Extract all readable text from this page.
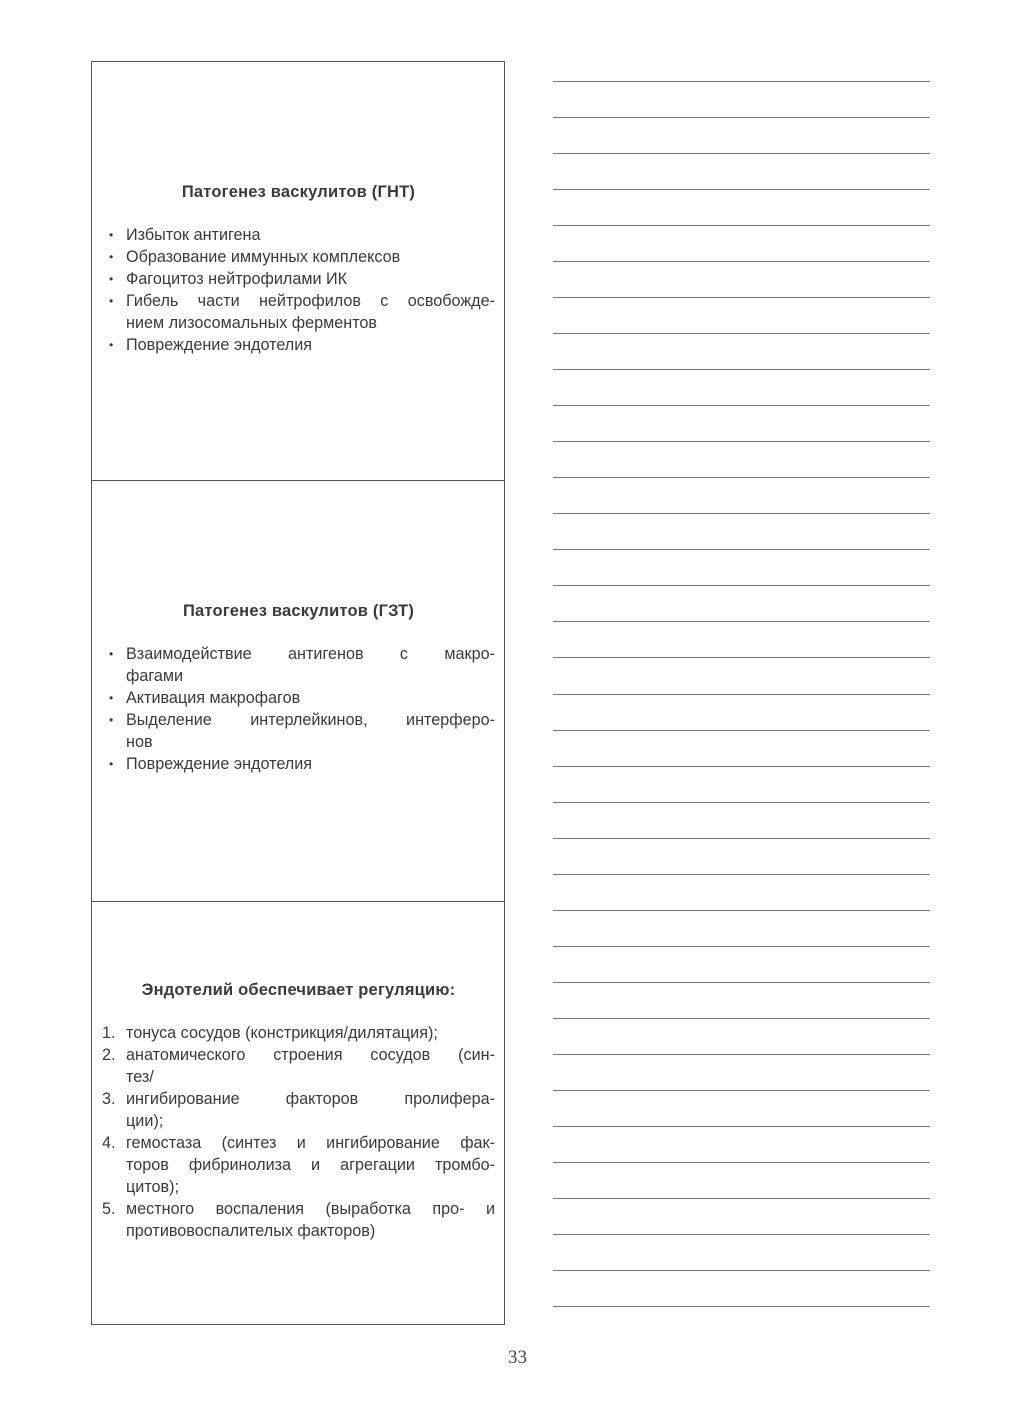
Патогенез васкулитов (ГНТ)
• Избыток антигена
• Образование иммунных комплексов
• Фагоцитоз нейтрофилами ИК
• Гибель части нейтрофилов с освобожде-
нием лизосомальных ферментов
• Повреждение эндотелия
Патогенез васкулитов (ГЗТ)
• Взаимодействие антигенов с макро-
фагами
• Активация макрофагов
• Выделение интерлейкинов, интерферо-
нов
• Повреждение эндотелия
Эндотелий обеспечивает регуляцию:
1. тонуса сосудов (констрикция/дилятация);
2. анатомического строения сосудов (син-
тез/
3. ингибирование факторов пролифера-
ции);
4. гемостаза (синтез и ингибирование фак-
торов фибринолиза и агрегации тромбо-
цитов);
5. местного воспаления (выработка про- и
противовоспалителых факторов)
33
